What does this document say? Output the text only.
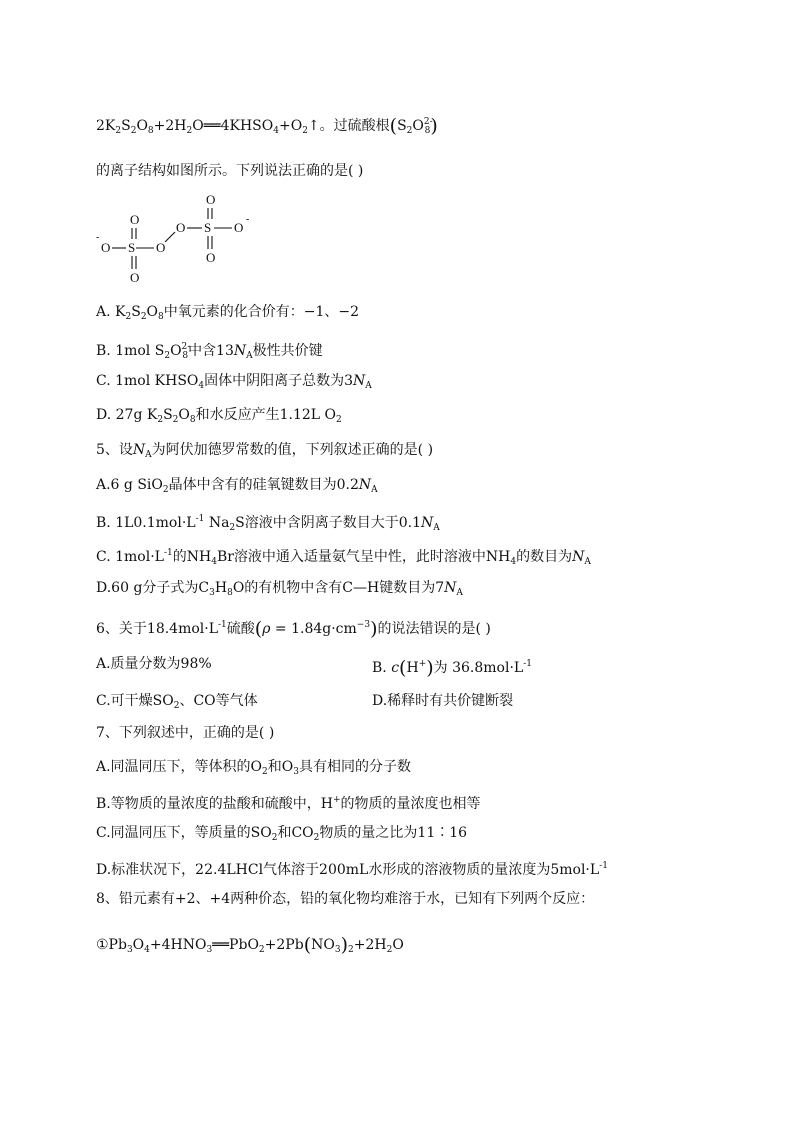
$2K_2S_2O_8+2H_2O══4KHSO_4+O_2↑$。过硫酸根$(S_2O^{2-}_8)$
的离子结构如图所示。下列说法正确的是( )
-
O S
O
O
O
O S
O
O
O
-
A. $K_2S_2O_8$中氧元素的化合价有：−1、−2
B. 1mol $S_2O^{2-}_8$中含$13N_A$极性共价键
C. 1mol $KHSO_4$固体中阴阳离子总数为$3N_A$
D. 27g $K_2S_2O_8$和水反应产生1.12L $O_2$
5、设$N_A$为阿伏加德罗常数的值，下列叙述正确的是( )
A.6 g SiO$_2$晶体中含有的硅氧键数目为$0.2N_A$
B. $1L0.1mol\cdot L^{-1}$ $Na_2S$溶液中含阴离子数目大于$0.1N_A$
C. $1mol\cdot L^{-1}$的$NH_4Br$溶液中通入适量氨气呈中性，此时溶液中$NH_4$的数目为$N_A$
D.60 g分子式为$C_3H_8O$的有机物中含有C—H键数目为$7N_A$
6、关于$18.4mol\cdot L^{-1}$硫酸$(\rho = 1.84g\cdot cm^{-3})$的说法错误的是( )
A.质量分数为98%	B. c(H+)为 $36.8mol\cdot L^{-1}$
C.可干燥$SO_2$、CO等气体	D.稀释时有共价键断裂
7、下列叙述中，正确的是( )
A.同温同压下，等体积的$O_2$和$O_3$具有相同的分子数
B.等物质的量浓度的盐酸和硫酸中，H+的物质的量浓度也相等
C.同温同压下，等质量的$SO_2$和$CO_2$物质的量之比为11∶16
D.标准状况下，22.4LHCl气体溶于200mL水形成的溶液物质的量浓度为$5mol\cdot L^{-1}$
8、铅元素有+2、+4两种价态，铅的氧化物均难溶于水，已知有下列两个反应：
$①Pb_3O_4+4HNO_3══PbO_2+2Pb(NO_3)_2+2H_2O$
